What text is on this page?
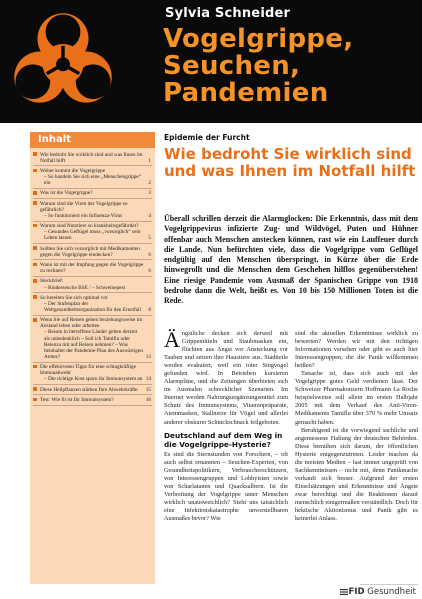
Sylvia Schneider
Vogelgrippe,
Seuchen,
Pandemien
Inhalt
Wie bedroht Sie wirklich sind und was Ihnen im Notfall hilft	1
Woher kommt die Vogelgrippe
– So handeln Sie sich eine „Menschengrippe“ ein	2
Was ist die Vogelgrippe?	3
Warum sind die Viren der Vogelgrippe so gefährlich?
– So funktioniert ein Influenza-Virus	4
Warum sind Nutztiere so krankheitsgefährdet?
– Gesundes Geflügel muss „vorsorglich“ sein Leben lassen	5
Sollten Sie sich vorsorglich mit Medikamenten gegen die Vogelgrippe eindecken?	6
Wann ist mit der Impfung gegen die Vogelgrippe zu rechnen?	6
Steckbrief:
– Rinderseuche BSE / – Schweinepest
So bereiten Sie sich optimal vor
– Der Stufenplan der Weltgesundheitsorganisation für den Ernstfall	8
Wenn Sie auf Reisen gehen beziehungsweise im Ausland leben oder arbeiten
– Reisen in betroffene Länder gelten derzeit als unbedenklich – Soll ich Tamiflu oder Relenza mit auf Reisen nehmen? – Was beinhaltet der Pandemie-Plan des Auswärtigen Amtes?	13
Die effektivsten Tipps für eine schlagkräftige Immunabwehr
– Die richtige Kost sporn ihr Immunsystem an 14
Diese Heilpflanzen stärken Ihre Abwehrkräfte 15
Test: Wie fit ist Ihr Immunsystem?	16
Epidemie der Furcht
Wie bedroht Sie wirklich sind und was Ihnen im Notfall hilft
Überall schrillen derzeit die Alarmglocken: Die Erkenntnis, dass mit dem Vogelgrippevirus infizierte Zug- und Wildvögel, Puten und Hühner offenbar auch Menschen anstecken können, rast wie ein Lauffeuer durch die Lande. Nun befürchten viele, dass die Vogelgrippe vom Geflügel endgültig auf den Menschen überspringt, in Kürze über die Erde hinwegrollt und die Menschen dem Geschehen hilflos gegenüberstehen! Eine riesige Pandemie vom Ausmaß der Spanischen Grippe von 1918 bedrohe dann die Welt, heißt es. Von 10 bis 150 Millionen Toten ist die Rede.

Ängstliche decken sich derweil mit Grippemitteln und Staubmasken ein, flüchten aus Angst vor Ansteckung vor Tauben und setzen ihre Haustiere aus. Stadtteile werden evakuiert, weil ein toter Singvogel gefunden wird. In Betrieben kursieren Alarmpläne, und die Zeitungen überbieten sich im Ausmalen schrecklicher Szenarien. Im Internet werden Nahrungsergänzungsmittel zum Schutz des Immunsystems, Vitaminpräparate, Atemmasken, Stallnetze für Vögel und allerlei anderer obskurer Schnickschnack feilgeboten.

Deutschland auf dem Weg in die Vogelgrippe-Hysterie?

Es sind die Sternstunden von Forschern, – oft auch selbst ernannten – Seuchen-Experten, von Gesundheitspolitikern, Verbraucherschützern, von Interessengruppen und Lobbyisten sowie von Scharlatanen und Quacksalbern. Ist die Verbreitung der Vogelgrippe unter Menschen wirklich unausweichlich? Steht uns tatsächlich eine Infektionskatastrophe unvorstellbaren Ausmaßes bevor? Wie

sind die aktuellen Erkenntnisse wirklich zu bewerten? Werden wir mit den richtigen Informationen versehen oder gibt es auch hier Interessengruppen, die die Panik willkommen heißen?

Tatsache ist, dass sich auch mit der Vogelgrippe gutes Geld verdienen lässt. Der Schweizer Pharmakonzern Hoffmann La Roche beispielsweise soll allein im ersten Halbjahr 2005 mit dem Verkauf des Anti-Viren-Medikaments Tamiflu über 370 % mehr Umsatz gemacht haben.

Beruhigend ist die vorwiegend sachliche und angemessene Haltung der deutschen Behörden. Diese bemühen sich darum, der öffentlichen Hysterie entgegenzutreten. Leider machen da die meisten Medien – fast immer ungeprüft von Sachkenntnissen – nicht mit, denn Panikmache verkauft sich besser. Aufgrund der ersten Einschätzungen und Erkenntnisse und Ängste zwar berechtigt und die Reaktionen darauf menschlich einigermaßen verständlich. Doch für hektische Aktionismus und Panik gibt es keinerlei Anlass.

FID Gesundheit
